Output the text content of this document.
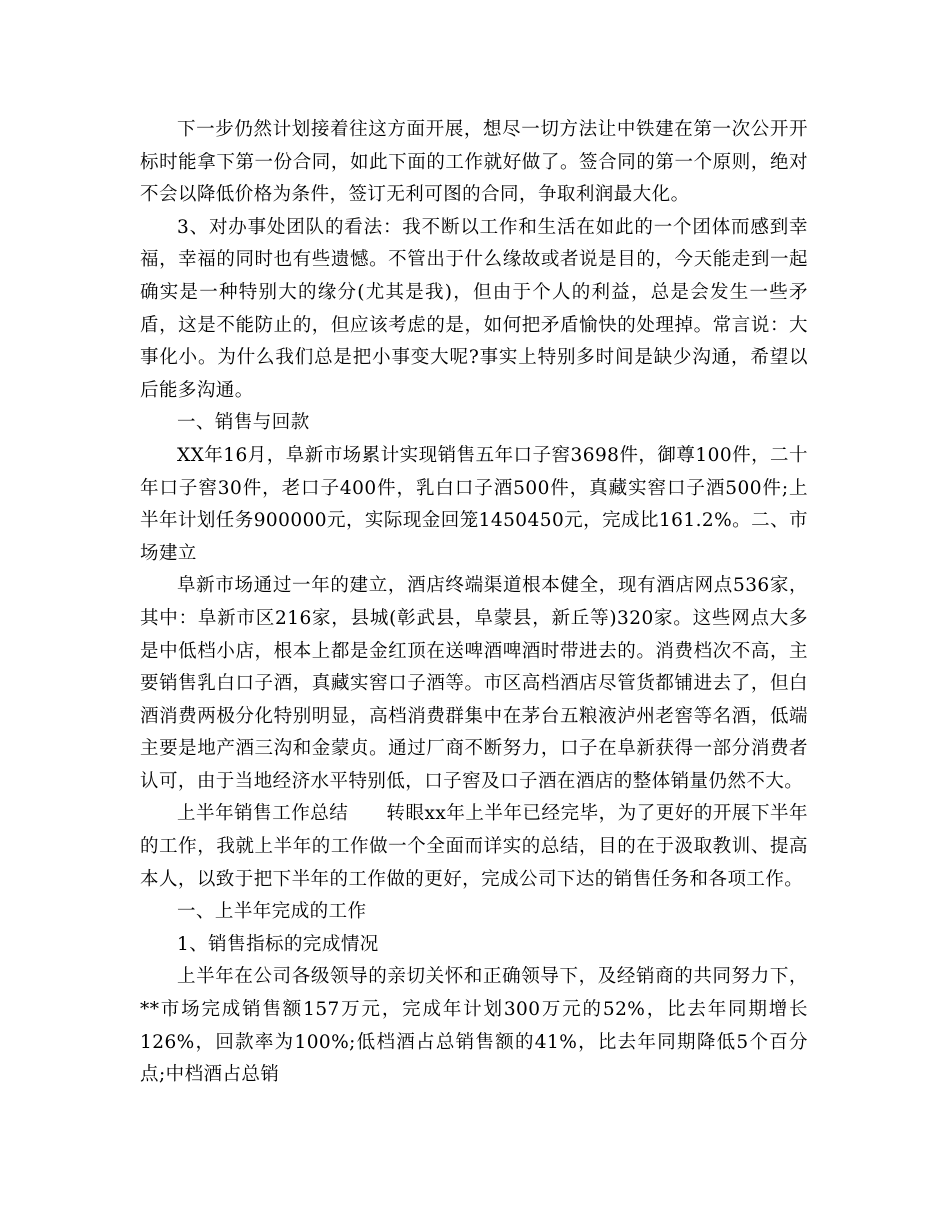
下一步仍然计划接着往这方面开展，想尽一切方法让中铁建在第一次公开开标时能拿下第一份合同，如此下面的工作就好做了。签合同的第一个原则，绝对不会以降低价格为条件，签订无利可图的合同，争取利润最大化。

3、对办事处团队的看法：我不断以工作和生活在如此的一个团体而感到幸福，幸福的同时也有些遗憾。不管出于什么缘故或者说是目的，今天能走到一起确实是一种特别大的缘分(尤其是我)，但由于个人的利益，总是会发生一些矛盾，这是不能防止的，但应该考虑的是，如何把矛盾愉快的处理掉。常言说：大事化小。为什么我们总是把小事变大呢?事实上特别多时间是缺少沟通，希望以后能多沟通。

一、销售与回款

XX年16月，阜新市场累计实现销售五年口子窖3698件，御尊100件，二十年口子窖30件，老口子400件，乳白口子酒500件，真藏实窖口子酒500件;上半年计划任务900000元，实际现金回笼1450450元，完成比161.2%。二、市场建立

阜新市场通过一年的建立，酒店终端渠道根本健全，现有酒店网点536家，其中：阜新市区216家，县城(彰武县，阜蒙县，新丘等)320家。这些网点大多是中低档小店，根本上都是金红顶在送啤酒啤酒时带进去的。消费档次不高，主要销售乳白口子酒，真藏实窖口子酒等。市区高档酒店尽管货都铺进去了，但白酒消费两极分化特别明显，高档消费群集中在茅台五粮液泸州老窖等名酒，低端主要是地产酒三沟和金蒙贞。通过厂商不断努力，口子在阜新获得一部分消费者认可，由于当地经济水平特别低，口子窖及口子酒在酒店的整体销量仍然不大。

上半年销售工作总结　　转眼xx年上半年已经完毕，为了更好的开展下半年的工作，我就上半年的工作做一个全面而详实的总结，目的在于汲取教训、提高本人，以致于把下半年的工作做的更好，完成公司下达的销售任务和各项工作。

一、上半年完成的工作

1、销售指标的完成情况

上半年在公司各级领导的亲切关怀和正确领导下，及经销商的共同努力下，**市场完成销售额157万元，完成年计划300万元的52%，比去年同期增长126%，回款率为100%;低档酒占总销售额的41%，比去年同期降低5个百分点;中档酒占总销
